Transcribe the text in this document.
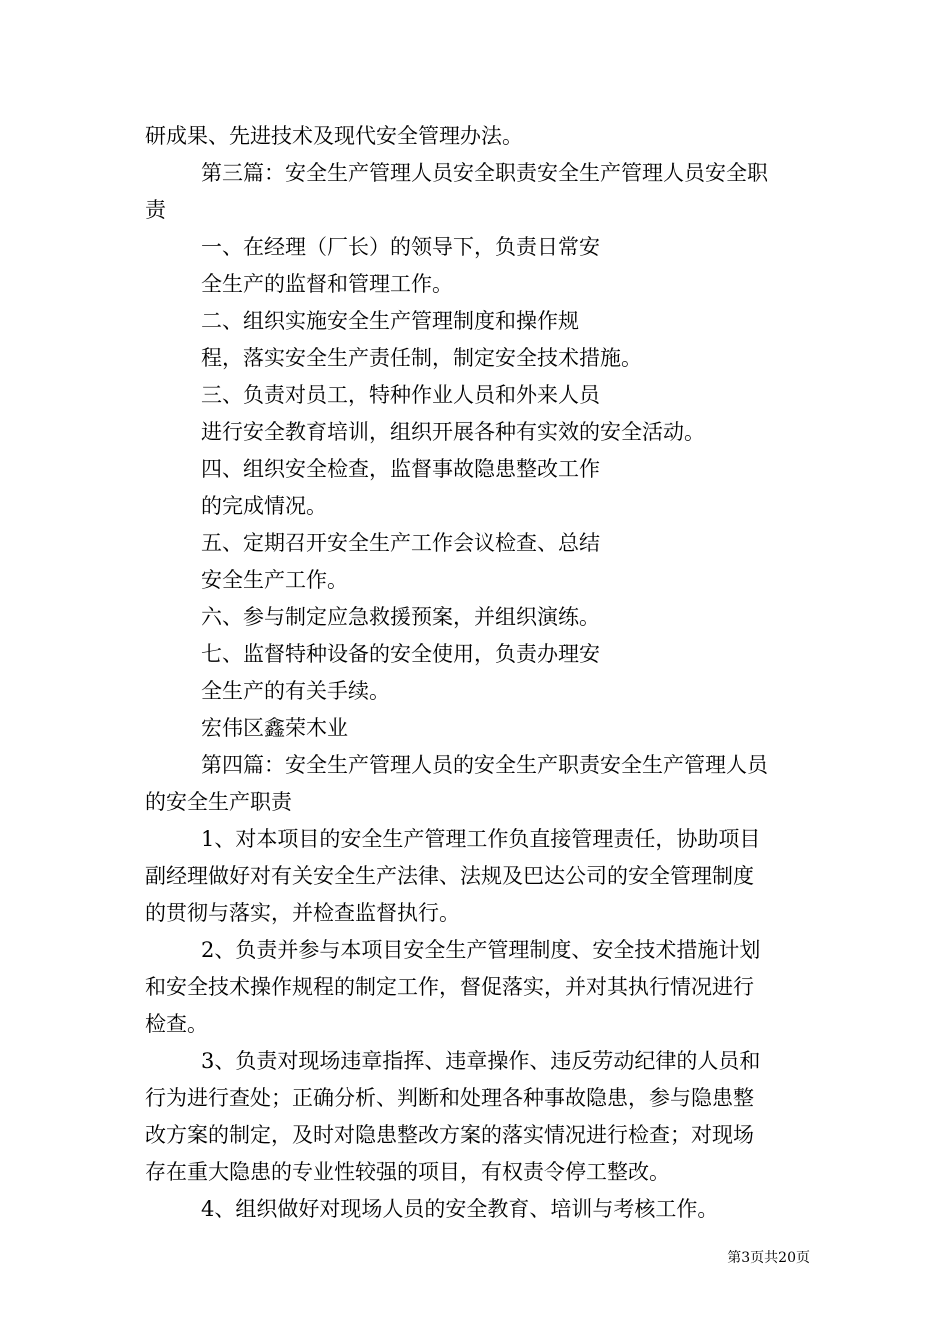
研成果、先进技术及现代安全管理办法。
第三篇：安全生产管理人员安全职责安全生产管理人员安全职
责
一、在经理（厂长）的领导下，负责日常安
全生产的监督和管理工作。
二、组织实施安全生产管理制度和操作规
程，落实安全生产责任制，制定安全技术措施。
三、负责对员工，特种作业人员和外来人员
进行安全教育培训，组织开展各种有实效的安全活动。
四、组织安全检查，监督事故隐患整改工作
的完成情况。
五、定期召开安全生产工作会议检查、总结
安全生产工作。
六、参与制定应急救援预案，并组织演练。
七、监督特种设备的安全使用，负责办理安
全生产的有关手续。
宏伟区鑫荣木业
第四篇：安全生产管理人员的安全生产职责安全生产管理人员
的安全生产职责
1、对本项目的安全生产管理工作负直接管理责任，协助项目
副经理做好对有关安全生产法律、法规及巴达公司的安全管理制度
的贯彻与落实，并检查监督执行。
2、负责并参与本项目安全生产管理制度、安全技术措施计划
和安全技术操作规程的制定工作，督促落实，并对其执行情况进行
检查。
3、负责对现场违章指挥、违章操作、违反劳动纪律的人员和
行为进行查处；正确分析、判断和处理各种事故隐患，参与隐患整
改方案的制定，及时对隐患整改方案的落实情况进行检查；对现场
存在重大隐患的专业性较强的项目，有权责令停工整改。
4、组织做好对现场人员的安全教育、培训与考核工作。
第3页共20页
